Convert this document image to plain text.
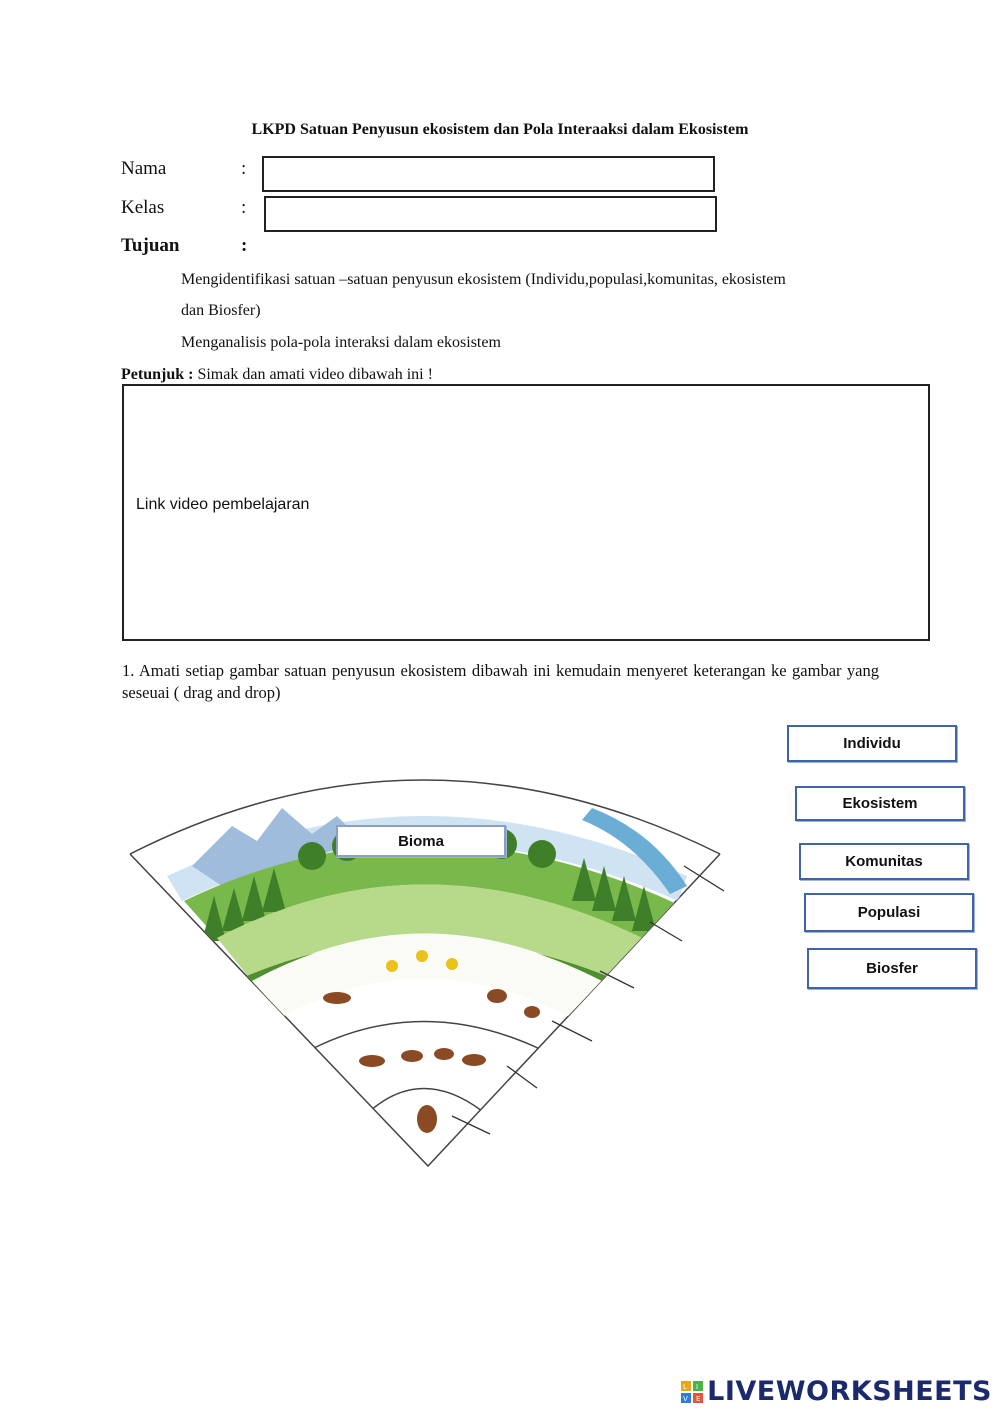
LKPD Satuan Penyusun ekosistem dan Pola Interaaksi dalam Ekosistem
Nama	:
Kelas	:
Tujuan	:
Mengidentifikasi satuan –satuan penyusun ekosistem (Individu,populasi,komunitas, ekosistem
dan Biosfer)
Menganalisis pola-pola interaksi dalam ekosistem
Petunjuk : Simak dan amati video dibawah ini !
Link video pembelajaran
1. Amati setiap gambar satuan penyusun ekosistem dibawah ini kemudain menyeret keterangan ke gambar yang seseuai ( drag and drop)
Bioma
Individu
Ekosistem
Komunitas
Populasi
Biosfer
L I
V E LIVEWORKSHEETS
